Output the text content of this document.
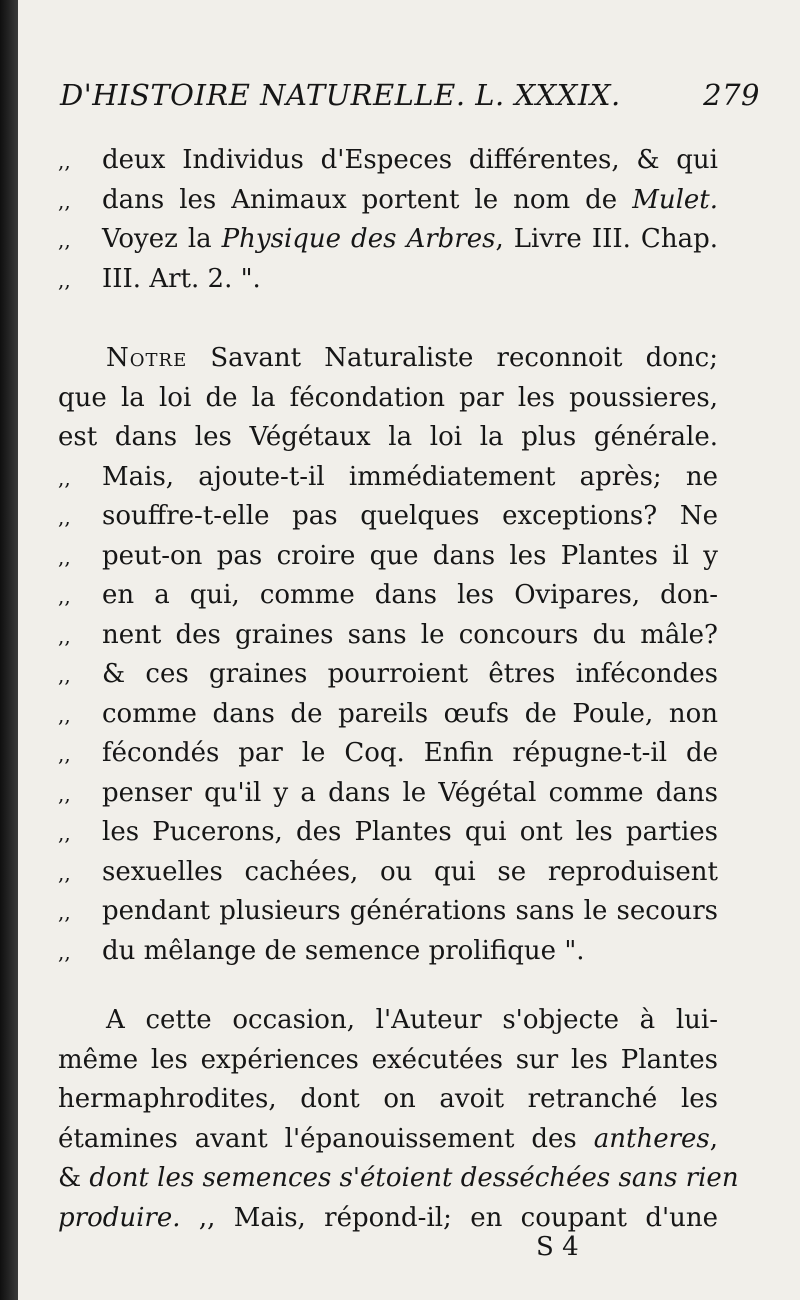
D'HISTOIRE NATURELLE. L. XXXIX.	279
,, deux Individus d'Especes différentes, & qui
,, dans les Animaux portent le nom de Mulet.
,, Voyez la Physique des Arbres, Livre III. Chap.
,, III. Art. 2. ".
Notre Savant Naturaliste reconnoit donc;
que la loi de la fécondation par les poussieres,
est dans les Végétaux la loi la plus générale.
,, Mais, ajoute-t-il immédiatement après; ne
,, souffre-t-elle pas quelques exceptions? Ne
,, peut-on pas croire que dans les Plantes il y
,, en a qui, comme dans les Ovipares, don-
,, nent des graines sans le concours du mâle?
,, & ces graines pourroient êtres infécondes
,, comme dans de pareils œufs de Poule, non
,, fécondés par le Coq. Enfin répugne-t-il de
,, penser qu'il y a dans le Végétal comme dans
,, les Pucerons, des Plantes qui ont les parties
,, sexuelles cachées, ou qui se reproduisent
,, pendant plusieurs générations sans le secours
,, du mêlange de semence prolifique ".
A cette occasion, l'Auteur s'objecte à lui-
même les expériences exécutées sur les Plantes
hermaphrodites, dont on avoit retranché les
étamines avant l'épanouissement des antheres,
& dont les semences s'étoient desséchées sans rien
produire. ,, Mais, répond-il; en coupant d'une
S 4
